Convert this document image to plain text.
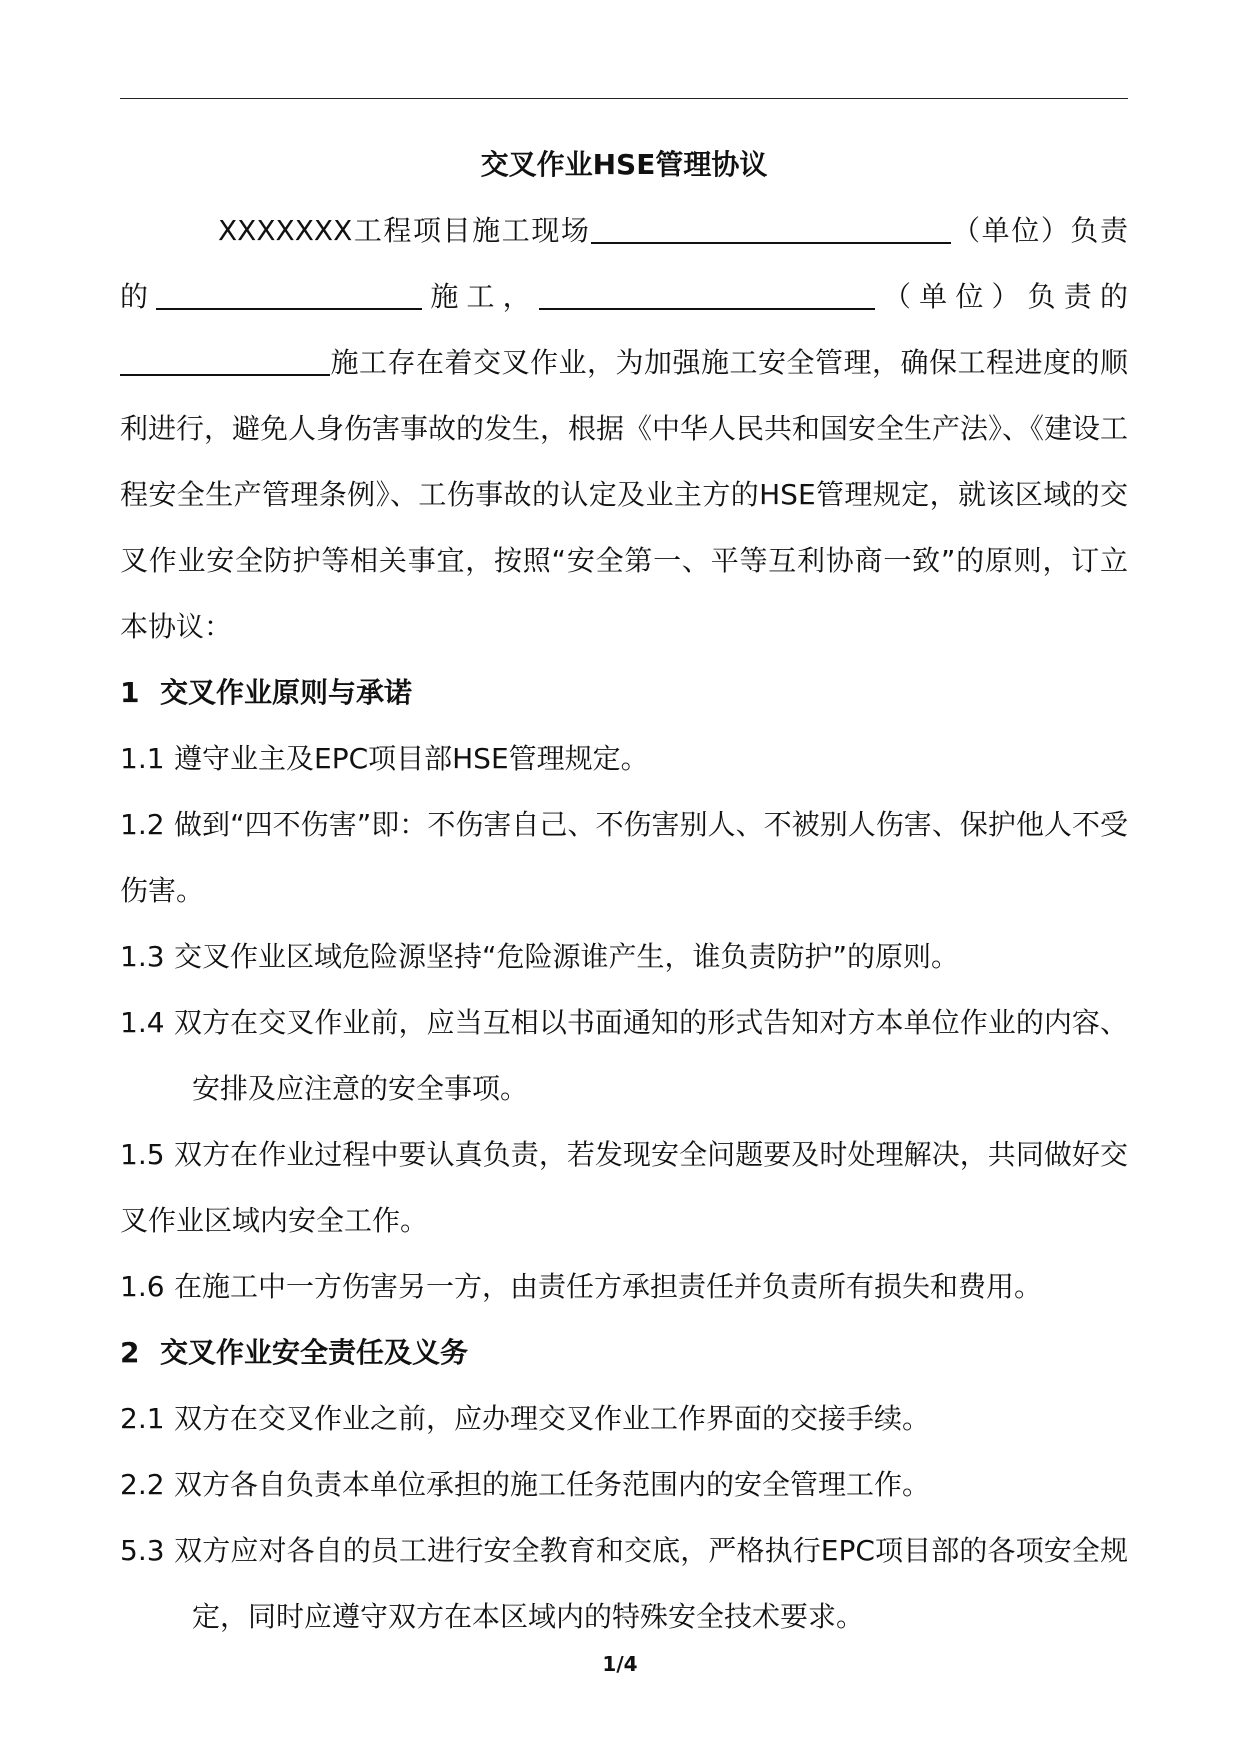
交叉作业HSE管理协议

XXXXXXX工程项目施工现场	（单位）负责的	施工，	（单位）负责的施工存在着交叉作业，为加强施工安全管理，确保工程进度的顺利进行，避免人身伤害事故的发生，根据《中华人民共和国安全生产法》、《建设工程安全生产管理条例》、工伤事故的认定及业主方的HSE管理规定，就该区域的交叉作业安全防护等相关事宜，按照“安全第一、平等互利协商一致”的原则，订立本协议：

1 交叉作业原则与承诺

1.1 遵守业主及EPC项目部HSE管理规定。

1.2 做到“四不伤害”即：不伤害自己、不伤害别人、不被别人伤害、保护他人不受伤害。

1.3 交叉作业区域危险源坚持“危险源谁产生，谁负责防护”的原则。

1.4 双方在交叉作业前，应当互相以书面通知的形式告知对方本单位作业的内容、安排及应注意的安全事项。

1.5 双方在作业过程中要认真负责，若发现安全问题要及时处理解决，共同做好交叉作业区域内安全工作。

1.6 在施工中一方伤害另一方，由责任方承担责任并负责所有损失和费用。

2 交叉作业安全责任及义务

2.1 双方在交叉作业之前，应办理交叉作业工作界面的交接手续。

2.2 双方各自负责本单位承担的施工任务范围内的安全管理工作。

5.3 双方应对各自的员工进行安全教育和交底，严格执行EPC项目部的各项安全规定，同时应遵守双方在本区域内的特殊安全技术要求。

1/4
